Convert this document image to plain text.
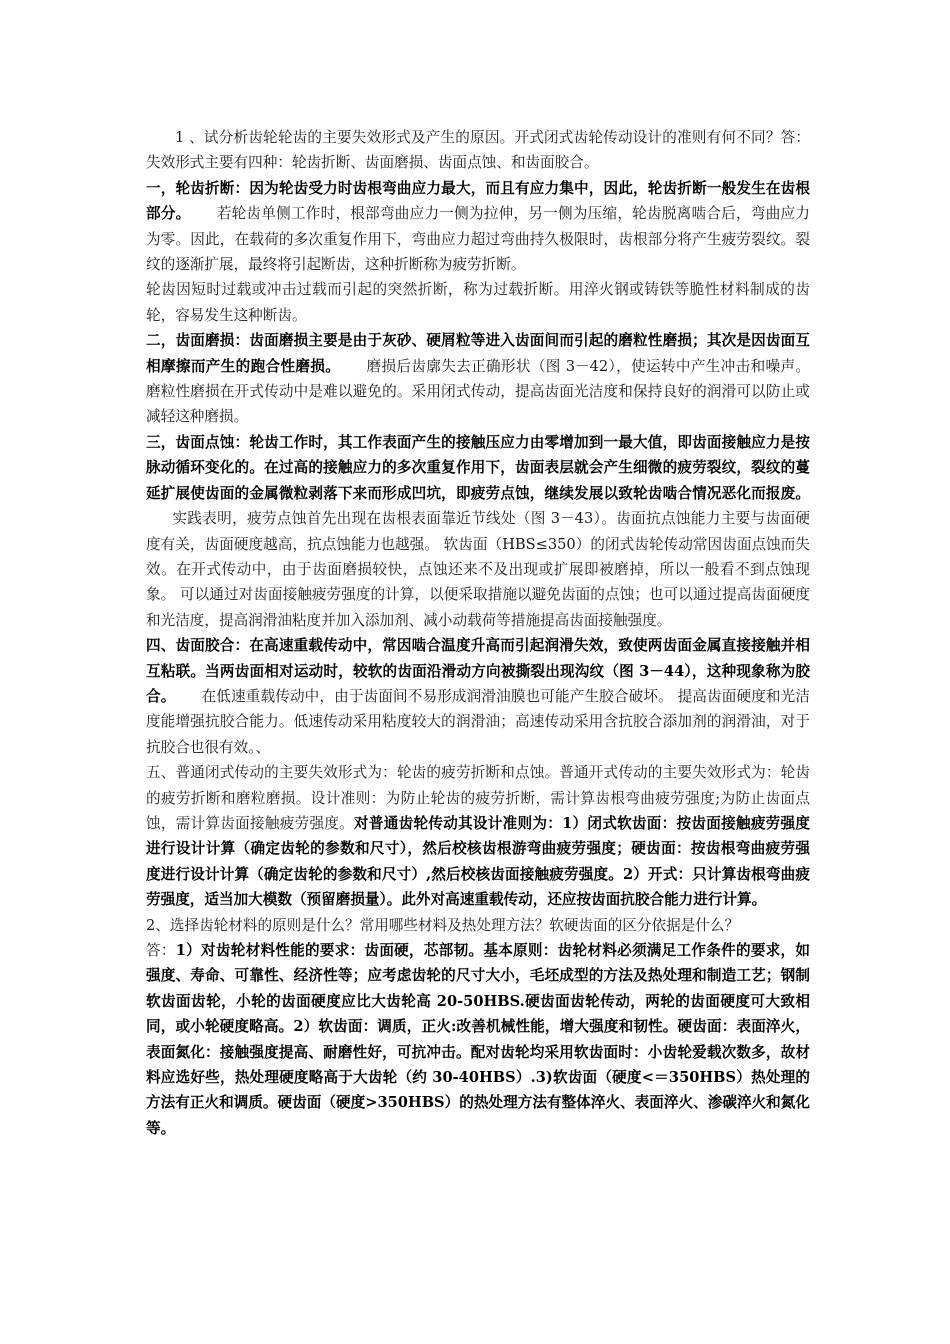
1 、试分析齿轮轮齿的主要失效形式及产生的原因。开式闭式齿轮传动设计的准则有何不同？答：失效形式主要有四种：轮齿折断、齿面磨损、齿面点蚀、和齿面胶合。

一，轮齿折断：因为轮齿受力时齿根弯曲应力最大，而且有应力集中，因此，轮齿折断一般发生在齿根部分。 若轮齿单侧工作时，根部弯曲应力一侧为拉伸，另一侧为压缩，轮齿脱离啮合后，弯曲应力为零。因此，在载荷的多次重复作用下，弯曲应力超过弯曲持久极限时，齿根部分将产生疲劳裂纹。裂纹的逐渐扩展，最终将引起断齿，这种折断称为疲劳折断。

轮齿因短时过载或冲击过载而引起的突然折断，称为过载折断。用淬火钢或铸铁等脆性材料制成的齿轮，容易发生这种断齿。

二，齿面磨损：齿面磨损主要是由于灰砂、硬屑粒等进入齿面间而引起的磨粒性磨损；其次是因齿面互相摩擦而产生的跑合性磨损。 磨损后齿廓失去正确形状（图 3－42），使运转中产生冲击和噪声。磨粒性磨损在开式传动中是难以避免的。采用闭式传动，提高齿面光洁度和保持良好的润滑可以防止或减轻这种磨损。

三，齿面点蚀：轮齿工作时，其工作表面产生的接触压应力由零增加到一最大值，即齿面接触应力是按脉动循环变化的。在过高的接触应力的多次重复作用下，齿面表层就会产生细微的疲劳裂纹，裂纹的蔓延扩展使齿面的金属微粒剥落下来而形成凹坑，即疲劳点蚀，继续发展以致轮齿啮合情况恶化而报废。实践表明，疲劳点蚀首先出现在齿根表面靠近节线处（图 3－43）。齿面抗点蚀能力主要与齿面硬度有关，齿面硬度越高，抗点蚀能力也越强。 软齿面（HBS≤350）的闭式齿轮传动常因齿面点蚀而失效。在开式传动中，由于齿面磨损较快，点蚀还来不及出现或扩展即被磨掉，所以一般看不到点蚀现象。 可以通过对齿面接触疲劳强度的计算，以便采取措施以避免齿面的点蚀；也可以通过提高齿面硬度和光洁度，提高润滑油粘度并加入添加剂、减小动载荷等措施提高齿面接触强度。

四、齿面胶合：在高速重载传动中，常因啮合温度升高而引起润滑失效，致使两齿面金属直接接触并相互粘联。当两齿面相对运动时，较软的齿面沿滑动方向被撕裂出现沟纹（图 3－44），这种现象称为胶合。 在低速重载传动中，由于齿面间不易形成润滑油膜也可能产生胶合破坏。 提高齿面硬度和光洁度能增强抗胶合能力。低速传动采用粘度较大的润滑油；高速传动采用含抗胶合添加剂的润滑油，对于抗胶合也很有效。、

五、普通闭式传动的主要失效形式为：轮齿的疲劳折断和点蚀。普通开式传动的主要失效形式为：轮齿的疲劳折断和磨粒磨损。设计准则：为防止轮齿的疲劳折断，需计算齿根弯曲疲劳强度;为防止齿面点蚀，需计算齿面接触疲劳强度。对普通齿轮传动其设计准则为：1）闭式软齿面：按齿面接触疲劳强度进行设计计算（确定齿轮的参数和尺寸），然后校核齿根游弯曲疲劳强度；硬齿面：按齿根弯曲疲劳强度进行设计计算（确定齿轮的参数和尺寸）,然后校核齿面接触疲劳强度。2）开式：只计算齿根弯曲疲劳强度，适当加大模数（预留磨损量）。此外对高速重载传动，还应按齿面抗胶合能力进行计算。

2、选择齿轮材料的原则是什么？常用哪些材料及热处理方法？软硬齿面的区分依据是什么？

答：1）对齿轮材料性能的要求：齿面硬，芯部韧。基本原则：齿轮材料必须满足工作条件的要求，如强度、寿命、可靠性、经济性等；应考虑齿轮的尺寸大小，毛坯成型的方法及热处理和制造工艺；钢制软齿面齿轮，小轮的齿面硬度应比大齿轮高 20-50HBS.硬齿面齿轮传动，两轮的齿面硬度可大致相同，或小轮硬度略高。2）软齿面：调质，正火:改善机械性能，增大强度和韧性。硬齿面：表面淬火，表面氮化：接触强度提高、耐磨性好，可抗冲击。配对齿轮均采用软齿面时：小齿轮爱载次数多，故材料应选好些，热处理硬度略高于大齿轮（约 30-40HBS）.3)软齿面（硬度<＝350HBS）热处理的方法有正火和调质。硬齿面（硬度>350HBS）的热处理方法有整体淬火、表面淬火、渗碳淬火和氮化等。
